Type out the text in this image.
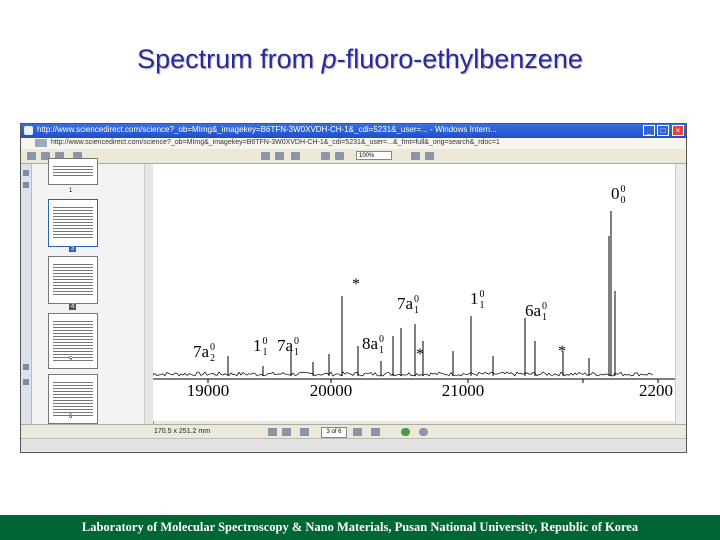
Spectrum from p-fluoro-ethylbenzene
http://www.sciencedirect.com/science?_ob=MImg&_imagekey=B6TFN-3W0XVDH-CH-1&_cdi=5231&_user=... - Windows Intern...	_	□	×
http://www.sciencedirect.com/science?_ob=MImg&_imagekey=B6TFN-3W0XVDH-CH-1&_cdi=5231&_user=...&_fmt=full&_orig=search&_rdoc=1
100%
1
3
4
5
6
19000	20000	21000	2200
0 0
0
7a 0
1
1 0
1 6a 0
1
8a 0
1
1 0
1 7a 0
1
7a 0
2
*
*	*
170.5 x 251.2 mm	3 of 6
Laboratory of Molecular Spectroscopy & Nano Materials, Pusan National University, Republic of Korea
